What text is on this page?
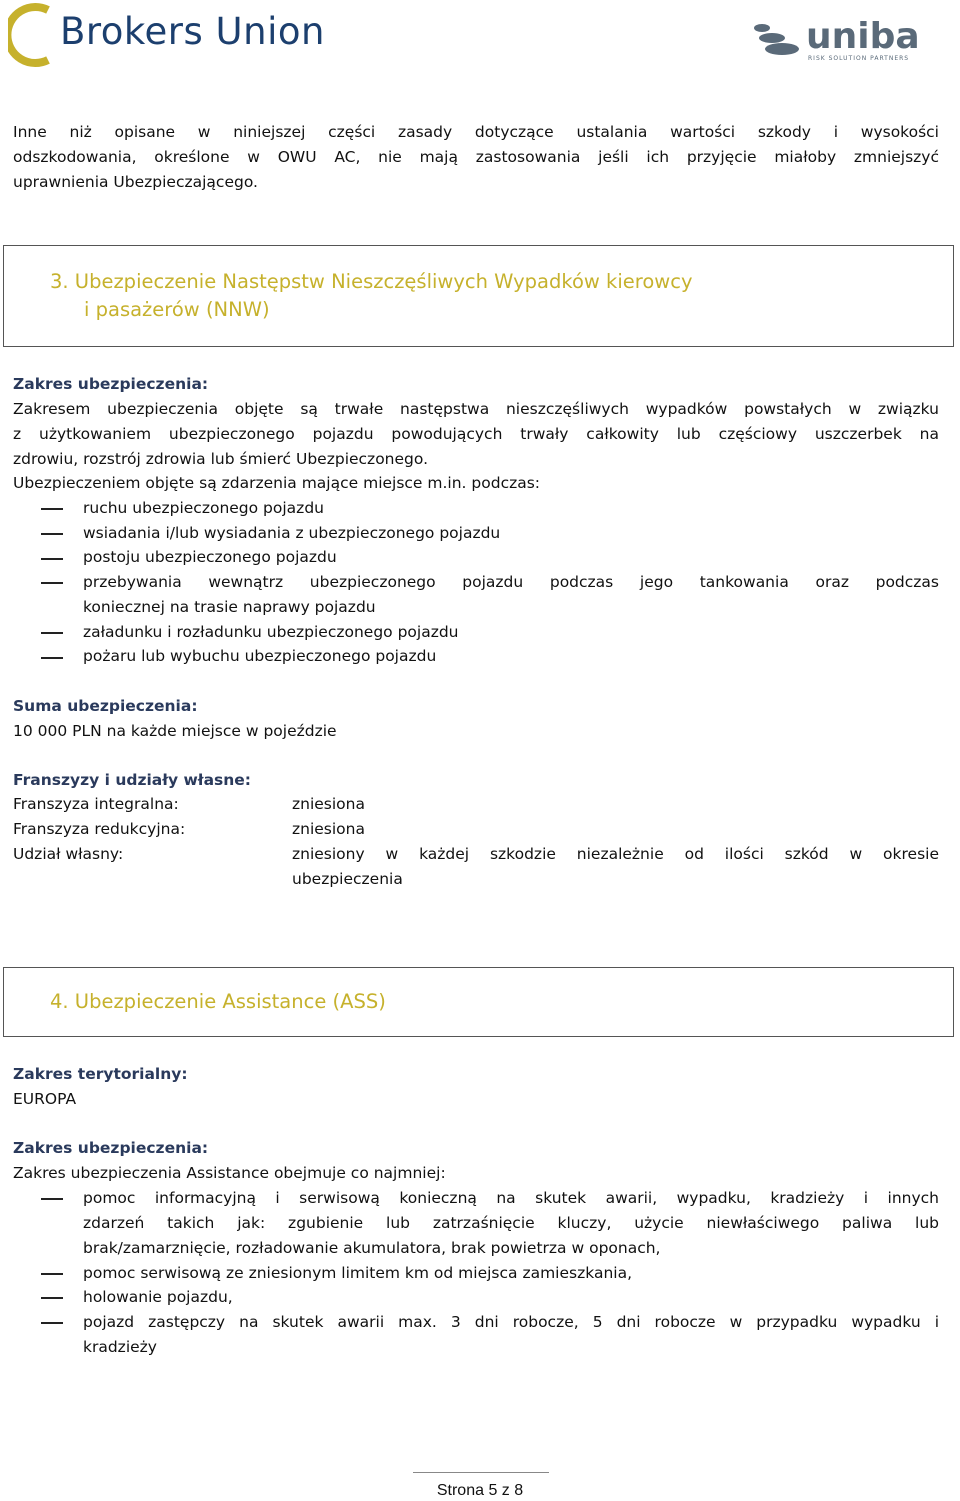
Brokers Union	uniba
RISK SOLUTION PARTNERS
Inne niż opisane w niniejszej części zasady dotyczące ustalania wartości szkody i wysokości
odszkodowania, określone w OWU AC, nie mają zastosowania jeśli ich przyjęcie miałoby zmniejszyć
uprawnienia Ubezpieczającego.
3. Ubezpieczenie Następstw Nieszczęśliwych Wypadków kierowcy
i pasażerów (NNW)
Zakres ubezpieczenia:
Zakresem ubezpieczenia objęte są trwałe następstwa nieszczęśliwych wypadków powstałych w związku
z użytkowaniem ubezpieczonego pojazdu powodujących trwały całkowity lub częściowy uszczerbek na
zdrowiu, rozstrój zdrowia lub śmierć Ubezpieczonego.
Ubezpieczeniem objęte są zdarzenia mające miejsce m.in. podczas:
ruchu ubezpieczonego pojazdu
wsiadania i/lub wysiadania z ubezpieczonego pojazdu
postoju ubezpieczonego pojazdu
przebywania wewnątrz ubezpieczonego pojazdu podczas jego tankowania oraz podczas
koniecznej na trasie naprawy pojazdu
załadunku i rozładunku ubezpieczonego pojazdu
pożaru lub wybuchu ubezpieczonego pojazdu
Suma ubezpieczenia:
10 000 PLN na każde miejsce w pojeździe
Franszyzy i udziały własne:
Franszyza integralna:	zniesiona
Franszyza redukcyjna:	zniesiona
Udział własny:	zniesiony w każdej szkodzie niezależnie od ilości szkód w okresie
ubezpieczenia
4. Ubezpieczenie Assistance (ASS)
Zakres terytorialny:
EUROPA
Zakres ubezpieczenia:
Zakres ubezpieczenia Assistance obejmuje co najmniej:
pomoc informacyjną i serwisową konieczną na skutek awarii, wypadku, kradzieży i innych
zdarzeń takich jak: zgubienie lub zatrzaśnięcie kluczy, użycie niewłaściwego paliwa lub
brak/zamarznięcie, rozładowanie akumulatora, brak powietrza w oponach,
pomoc serwisową ze zniesionym limitem km od miejsca zamieszkania,
holowanie pojazdu,
pojazd zastępczy na skutek awarii max. 3 dni robocze, 5 dni robocze w przypadku wypadku i
kradzieży
Strona 5 z 8
